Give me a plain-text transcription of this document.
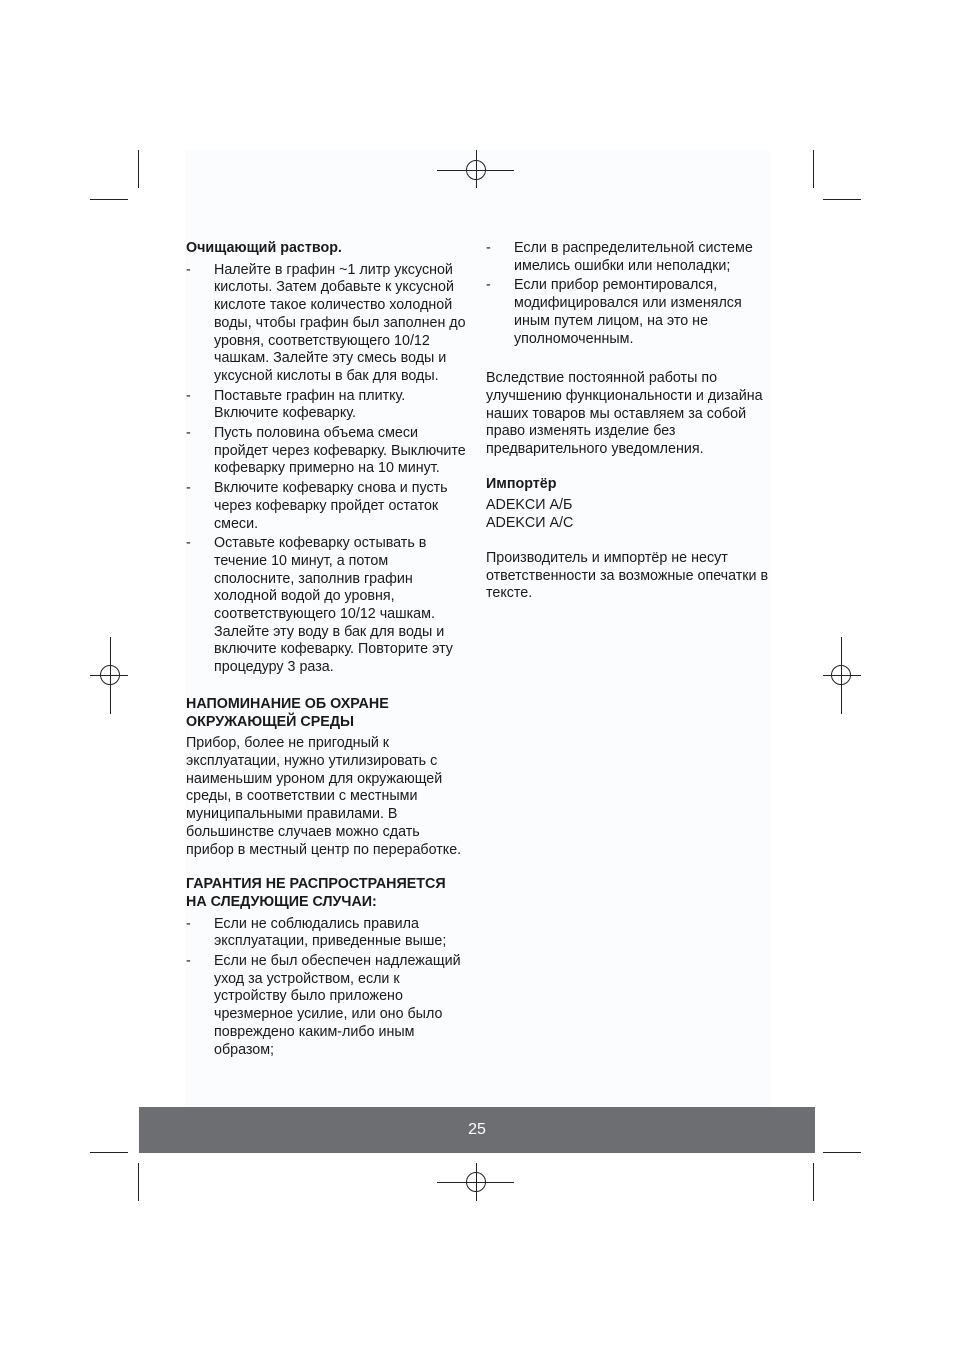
Очищающий раствор.

- Налейте в графин ~1 литр уксусной кислоты. Затем добавьте к уксусной кислоте такое количество холодной воды, чтобы графин был заполнен до уровня, соответствующего 10/12 чашкам. Залейте эту смесь воды и уксусной кислоты в бак для воды.
- Поставьте графин на плитку. Включите кофеварку.
- Пусть половина объема смеси пройдет через кофеварку. Выключите кофеварку примерно на 10 минут.
- Включите кофеварку снова и пусть через кофеварку пройдет остаток смеси.
- Оставьте кофеварку остывать в течение 10 минут, а потом сполосните, заполнив графин холодной водой до уровня, соответствующего 10/12 чашкам. Залейте эту воду в бак для воды и включите кофеварку. Повторите эту процедуру 3 раза.

НАПОМИНАНИЕ ОБ ОХРАНЕ ОКРУЖАЮЩЕЙ СРЕДЫ

Прибор, более не пригодный к эксплуатации, нужно утилизировать с наименьшим уроном для окружающей среды, в соответствии с местными муниципальными правилами. В большинстве случаев можно сдать прибор в местный центр по переработке.

ГАРАНТИЯ НЕ РАСПРОСТРАНЯЕТСЯ НА СЛЕДУЮЩИЕ СЛУЧАИ:

- Если не соблюдались правила эксплуатации, приведенные выше;
- Если не был обеспечен надлежащий уход за устройством, если к устройству было приложено чрезмерное усилие, или оно было повреждено каким-либо иным образом;
- Если в распределительной системе имелись ошибки или неполадки;
- Если прибор ремонтировался, модифицировался или изменялся иным путем лицом, на это не уполномоченным.

Вследствие постоянной работы по улучшению функциональности и дизайна наших товаров мы оставляем за собой право изменять изделие без предварительного уведомления.

Импортёр

ADEKCИ A/Б

ADEKCИ A/C

Производитель и импортёр не несут ответственности за возможные опечатки в тексте.

25
